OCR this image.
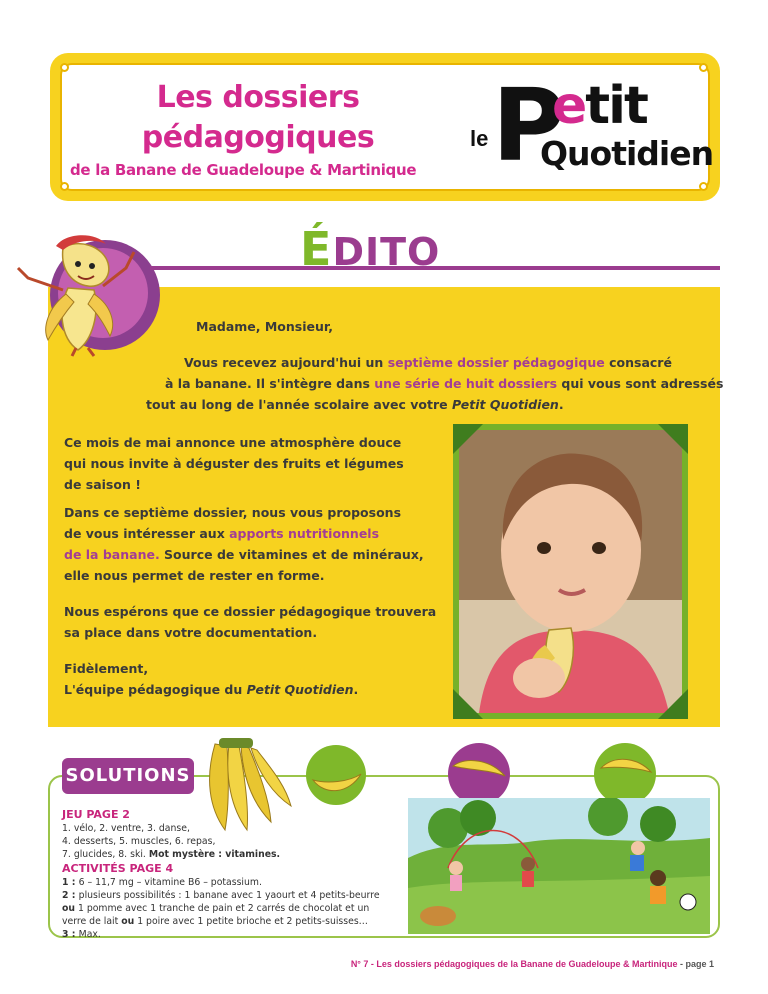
Les dossiers
pédagogiques
de la Banane de Guadeloupe & Martinique P
le
etit
Quotidien
ÉDITO
Madame, Monsieur,
Vous recevez aujourd'hui un septième dossier pédagogique consacré
à la banane. Il s'intègre dans une série de huit dossiers qui vous sont adressés
tout au long de l'année scolaire avec votre Petit Quotidien.
Ce mois de mai annonce une atmosphère douce
qui nous invite à déguster des fruits et légumes
de saison !
Dans ce septième dossier, nous vous proposons
de vous intéresser aux apports nutritionnels
de la banane. Source de vitamines et de minéraux,
elle nous permet de rester en forme.
Nous espérons que ce dossier pédagogique trouvera
sa place dans votre documentation.
Fidèlement,
L'équipe pédagogique du Petit Quotidien.
SOLUTIONS
JEU PAGE 2
1. vélo, 2. ventre, 3. danse,
4. desserts, 5. muscles, 6. repas,
7. glucides, 8. ski. Mot mystère : vitamines.
ACTIVITÉS PAGE 4
1 : 6 – 11,7 mg – vitamine B6 – potassium.
2 : plusieurs possibilités : 1 banane avec 1 yaourt et 4 petits-beurre
ou 1 pomme avec 1 tranche de pain et 2 carrés de chocolat et un
verre de lait ou 1 poire avec 1 petite brioche et 2 petits-suisses…
3 : Max.
N° 7 - Les dossiers pédagogiques de la Banane de Guadeloupe & Martinique - page 1
